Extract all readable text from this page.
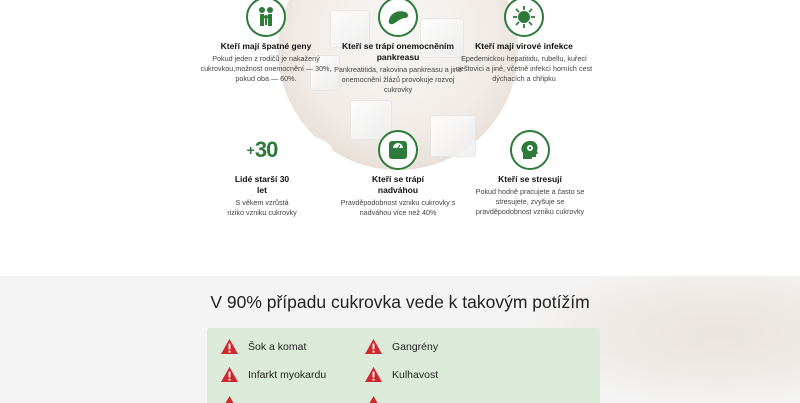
Kteří mají špatné geny
Pokud jeden z rodičů je nakažený cukrovkou,možnost onemocnění — 30%, pokud oba — 60%.
Kteří se trápí onemocněním pankreasu
Pankreatitida, rakovina pankreasu a jiné onemocnění žlázů provokuje rozvoj cukrovky
Kteří mají virové infekce
Epedemickou hepatitidu, rubellu, kuřecí neštovici a jiné, včetně infekcí horních cest dýchacích a chřipku
+ 30
Lidé starší 30 let
S věkem vzrůstá riziko vzniku cukrovky
Kteří se trápí nadváhou
Pravděpodobnost vzniku cukrovky s nadváhou více než 40%
Kteří se stresují
Pokud hodně pracujete a často se stresujete, zvyšuje se pravděpodobnost vzniku cukrovky
V 90% případu cukrovka vede k takovým potížím
Šok a komat	Gangrény
Infarkt myokardu	Kulhavost
